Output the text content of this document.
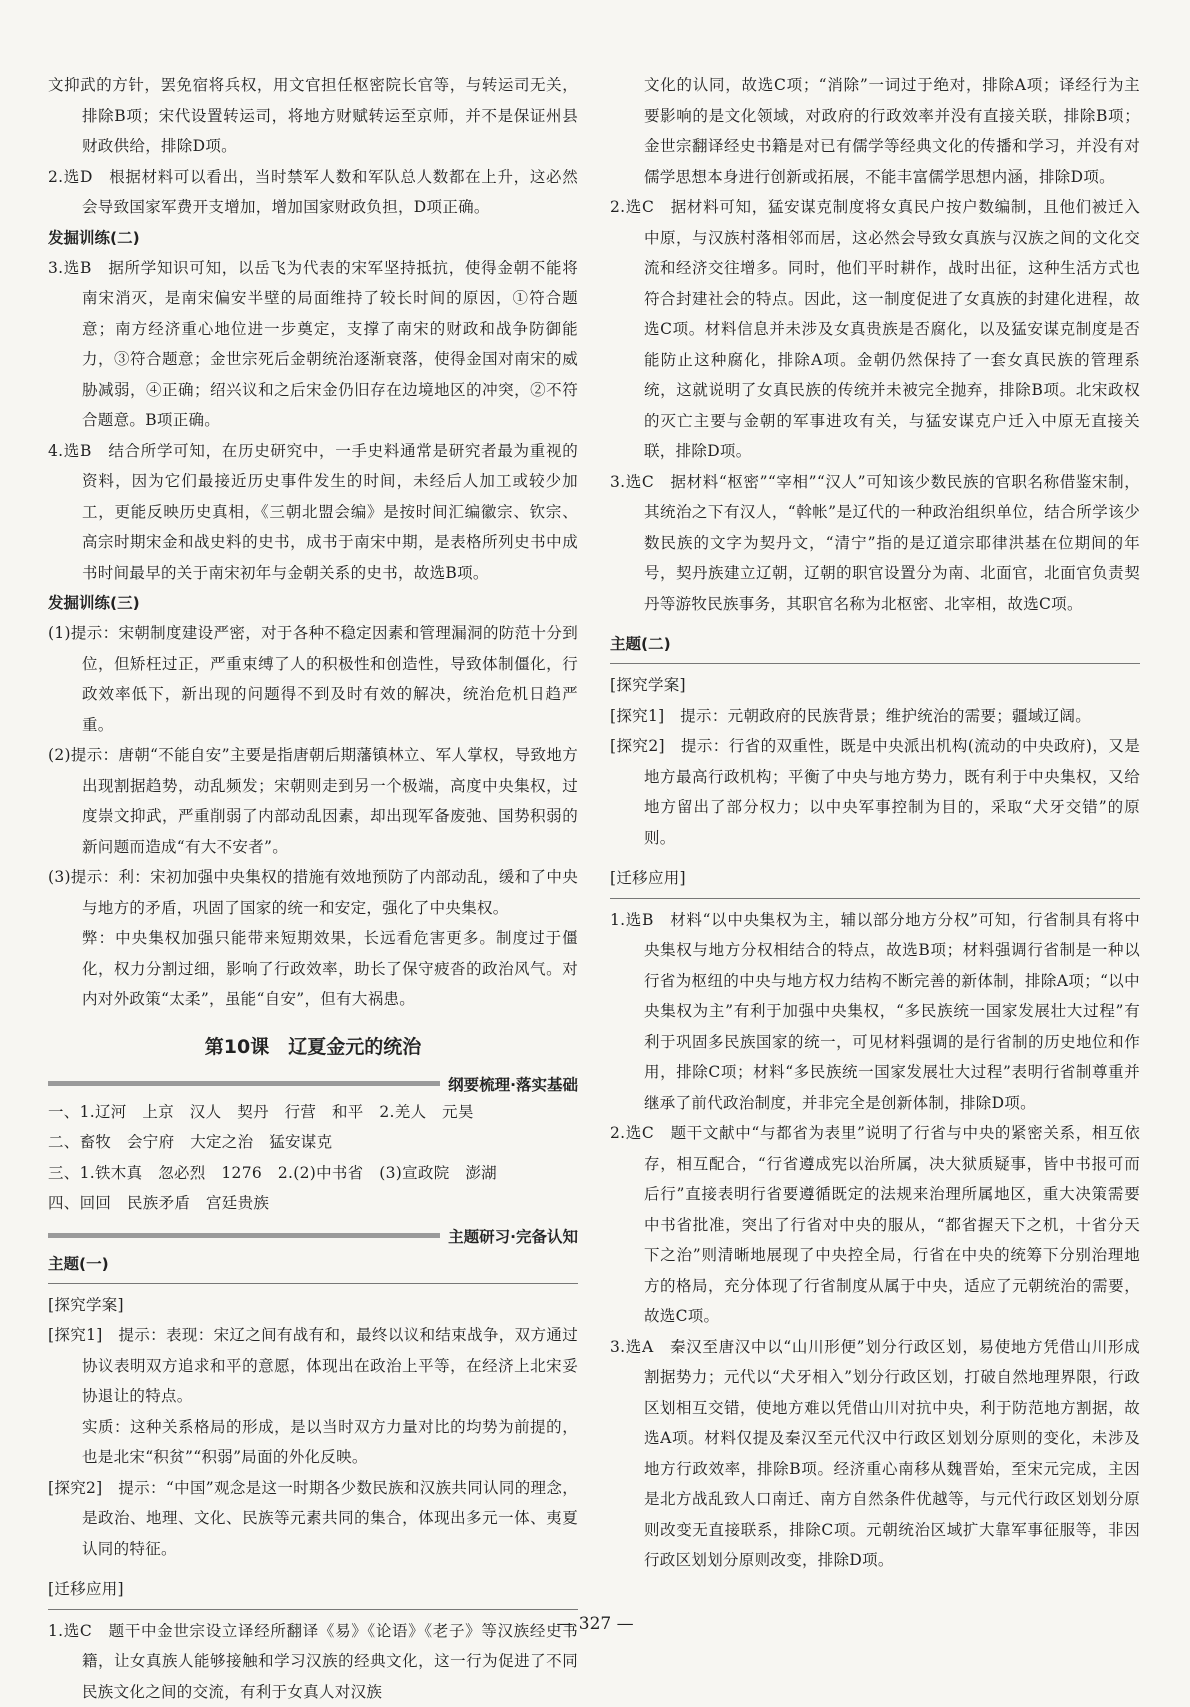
文抑武的方针，罢免宿将兵权，用文官担任枢密院长官等，与转运司无关，排除B项；宋代设置转运司，将地方财赋转运至京师，并不是保证州县财政供给，排除D项。

2.选D　根据材料可以看出，当时禁军人数和军队总人数都在上升，这必然会导致国家军费开支增加，增加国家财政负担，D项正确。

发掘训练(二)

3.选B　据所学知识可知，以岳飞为代表的宋军坚持抵抗，使得金朝不能将南宋消灭，是南宋偏安半壁的局面维持了较长时间的原因，①符合题意；南方经济重心地位进一步奠定，支撑了南宋的财政和战争防御能力，③符合题意；金世宗死后金朝统治逐渐衰落，使得金国对南宋的威胁减弱，④正确；绍兴议和之后宋金仍旧存在边境地区的冲突，②不符合题意。B项正确。

4.选B　结合所学可知，在历史研究中，一手史料通常是研究者最为重视的资料，因为它们最接近历史事件发生的时间，未经后人加工或较少加工，更能反映历史真相，《三朝北盟会编》是按时间汇编徽宗、钦宗、高宗时期宋金和战史料的史书，成书于南宋中期，是表格所列史书中成书时间最早的关于南宋初年与金朝关系的史书，故选B项。

发掘训练(三)

(1)提示：宋朝制度建设严密，对于各种不稳定因素和管理漏洞的防范十分到位，但矫枉过正，严重束缚了人的积极性和创造性，导致体制僵化，行政效率低下，新出现的问题得不到及时有效的解决，统治危机日趋严重。

(2)提示：唐朝“不能自安”主要是指唐朝后期藩镇林立、军人掌权，导致地方出现割据趋势，动乱频发；宋朝则走到另一个极端，高度中央集权，过度崇文抑武，严重削弱了内部动乱因素，却出现军备废弛、国势积弱的新问题而造成“有大不安者”。

(3)提示：利：宋初加强中央集权的措施有效地预防了内部动乱，缓和了中央与地方的矛盾，巩固了国家的统一和安定，强化了中央集权。

弊：中央集权加强只能带来短期效果，长远看危害更多。制度过于僵化，权力分割过细，影响了行政效率，助长了保守疲沓的政治风气。对内对外政策“太柔”，虽能“自安”，但有大祸患。

第10课　辽夏金元的统治
纲要梳理·落实基础

一、1.辽河　上京　汉人　契丹　行营　和平　2.羌人　元昊

二、畜牧　会宁府　大定之治　猛安谋克

三、1.铁木真　忽必烈　1276　2.(2)中书省　(3)宣政院　澎湖

四、回回　民族矛盾　宫廷贵族

主题研习·完备认知

主题(一)

[探究学案]

[探究1]　提示：表现：宋辽之间有战有和，最终以议和结束战争，双方通过协议表明双方追求和平的意愿，体现出在政治上平等，在经济上北宋妥协退让的特点。

实质：这种关系格局的形成，是以当时双方力量对比的均势为前提的，也是北宋“积贫”“积弱”局面的外化反映。

[探究2]　提示：“中国”观念是这一时期各少数民族和汉族共同认同的理念，是政治、地理、文化、民族等元素共同的集合，体现出多元一体、夷夏认同的特征。

[迁移应用]

1.选C　题干中金世宗设立译经所翻译《易》《论语》《老子》等汉族经史书籍，让女真族人能够接触和学习汉族的经典文化，这一行为促进了不同民族文化之间的交流，有利于女真人对汉族

文化的认同，故选C项；“消除”一词过于绝对，排除A项；译经行为主要影响的是文化领域，对政府的行政效率并没有直接关联，排除B项；金世宗翻译经史书籍是对已有儒学等经典文化的传播和学习，并没有对儒学思想本身进行创新或拓展，不能丰富儒学思想内涵，排除D项。

2.选C　据材料可知，猛安谋克制度将女真民户按户数编制，且他们被迁入中原，与汉族村落相邻而居，这必然会导致女真族与汉族之间的文化交流和经济交往增多。同时，他们平时耕作，战时出征，这种生活方式也符合封建社会的特点。因此，这一制度促进了女真族的封建化进程，故选C项。材料信息并未涉及女真贵族是否腐化，以及猛安谋克制度是否能防止这种腐化，排除A项。金朝仍然保持了一套女真民族的管理系统，这就说明了女真民族的传统并未被完全抛弃，排除B项。北宋政权的灭亡主要与金朝的军事进攻有关，与猛安谋克户迁入中原无直接关联，排除D项。

3.选C　据材料“枢密”“宰相”“汉人”可知该少数民族的官职名称借鉴宋制，其统治之下有汉人，“斡帐”是辽代的一种政治组织单位，结合所学该少数民族的文字为契丹文，“清宁”指的是辽道宗耶律洪基在位期间的年号，契丹族建立辽朝，辽朝的职官设置分为南、北面官，北面官负责契丹等游牧民族事务，其职官名称为北枢密、北宰相，故选C项。

主题(二)

[探究学案]

[探究1]　提示：元朝政府的民族背景；维护统治的需要；疆域辽阔。

[探究2]　提示：行省的双重性，既是中央派出机构(流动的中央政府)，又是地方最高行政机构；平衡了中央与地方势力，既有利于中央集权，又给地方留出了部分权力；以中央军事控制为目的，采取“犬牙交错”的原则。

[迁移应用]

1.选B　材料“以中央集权为主，辅以部分地方分权”可知，行省制具有将中央集权与地方分权相结合的特点，故选B项；材料强调行省制是一种以行省为枢纽的中央与地方权力结构不断完善的新体制，排除A项；“以中央集权为主”有利于加强中央集权，“多民族统一国家发展壮大过程”有利于巩固多民族国家的统一，可见材料强调的是行省制的历史地位和作用，排除C项；材料“多民族统一国家发展壮大过程”表明行省制尊重并继承了前代政治制度，并非完全是创新体制，排除D项。

2.选C　题干文献中“与都省为表里”说明了行省与中央的紧密关系，相互依存，相互配合，“行省遵成宪以治所属，决大狱质疑事，皆中书报可而后行”直接表明行省要遵循既定的法规来治理所属地区，重大决策需要中书省批准，突出了行省对中央的服从，“都省握天下之机，十省分天下之治”则清晰地展现了中央控全局，行省在中央的统筹下分别治理地方的格局，充分体现了行省制度从属于中央，适应了元朝统治的需要，故选C项。

3.选A　秦汉至唐汉中以“山川形便”划分行政区划，易使地方凭借山川形成割据势力；元代以“犬牙相入”划分行政区划，打破自然地理界限，行政区划相互交错，使地方难以凭借山川对抗中央，利于防范地方割据，故选A项。材料仅提及秦汉至元代汉中行政区划划分原则的变化，未涉及地方行政效率，排除B项。经济重心南移从魏晋始，至宋元完成，主因是北方战乱致人口南迁、南方自然条件优越等，与元代行政区划划分原则改变无直接联系，排除C项。元朝统治区域扩大靠军事征服等，非因行政区划划分原则改变，排除D项。

— 327 —
